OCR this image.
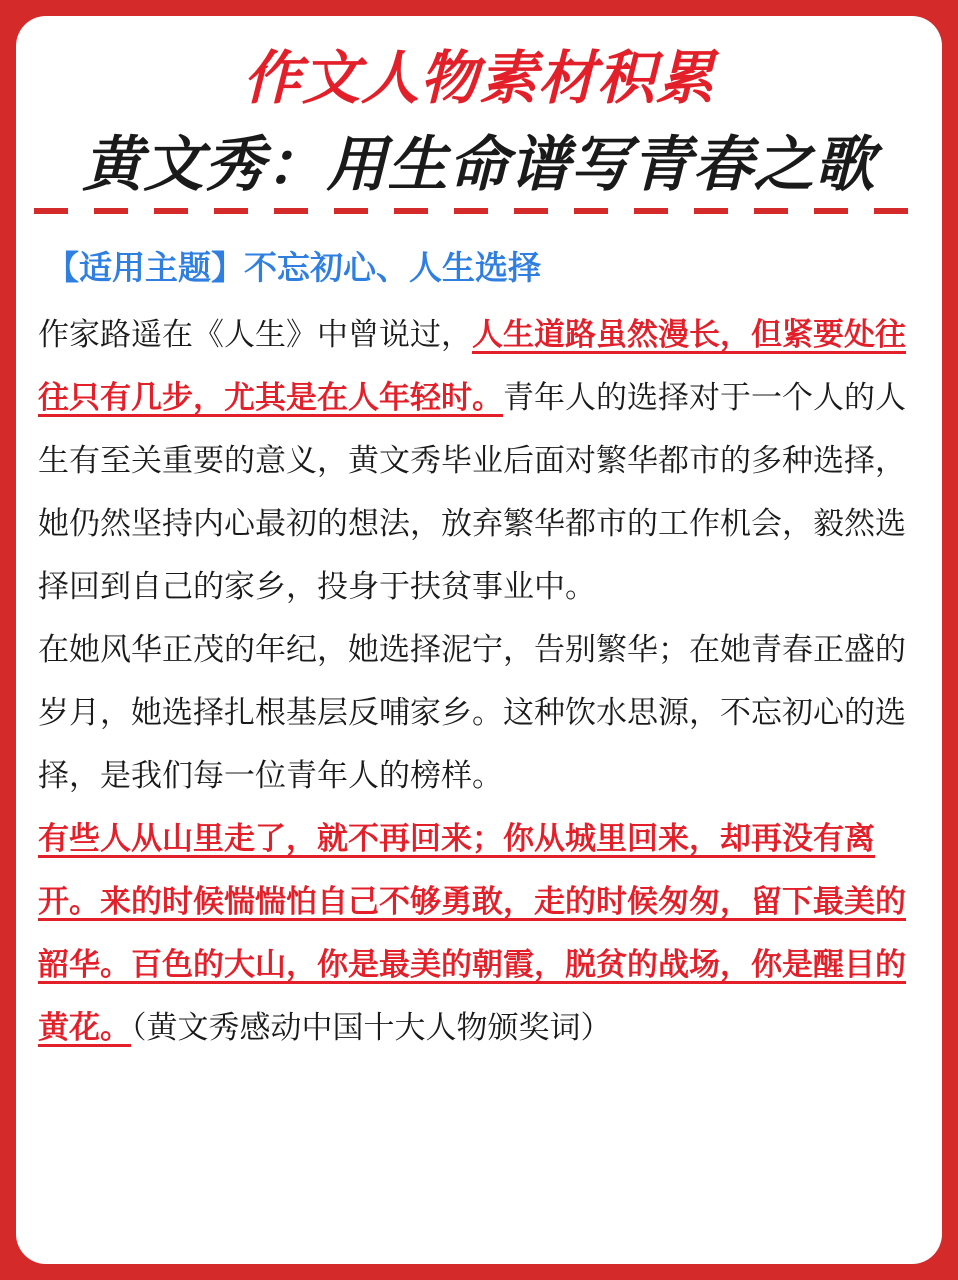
作文人物素材积累
黄文秀：用生命谱写青春之歌
【适用主题】不忘初心、人生选择

作家路遥在《人生》中曾说过，人生道路虽然漫长，但紧要处往往只有几步，尤其是在人年轻时。青年人的选择对于一个人的人生有至关重要的意义，黄文秀毕业后面对繁华都市的多种选择，她仍然坚持内心最初的想法，放弃繁华都市的工作机会，毅然选择回到自己的家乡，投身于扶贫事业中。

在她风华正茂的年纪，她选择泥宁，告别繁华；在她青春正盛的岁月，她选择扎根基层反哺家乡。这种饮水思源，不忘初心的选择，是我们每一位青年人的榜样。

有些人从山里走了，就不再回来；你从城里回来，却再没有离开。来的时候惴惴怕自己不够勇敢，走的时候匆匆，留下最美的韶华。百色的大山，你是最美的朝霞，脱贫的战场，你是醒目的黄花。（黄文秀感动中国十大人物颁奖词）
